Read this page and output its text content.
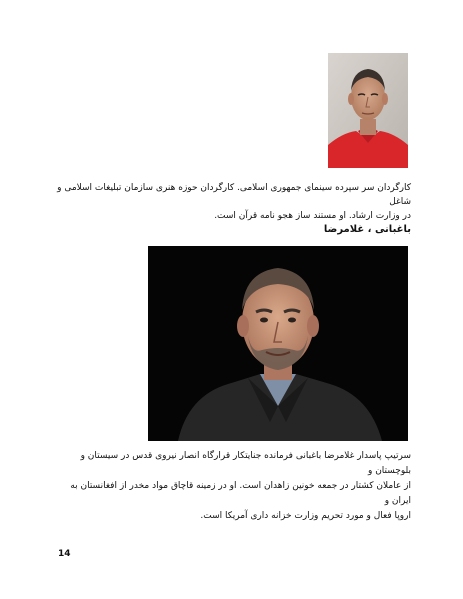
کارگردان سر سپرده سینمای جمهوری اسلامی. کارگردان حوزه هنری سازمان تبلیغات اسلامی و شاغل
در وزارت ارشاد. او مستند ساز هجو نامه قرآن است.

باغبانی ، غلامرضا

سرتیپ پاسدار غلامرضا باغبانی فرمانده جنایتکار قرارگاه انصار نیروی قدس در سیستان و بلوچستان و
از عاملان کشتار در جمعه خونین زاهدان است. او در زمینه قاچاق مواد مخدر از افغانستان به ایران و
اروپا فعال و مورد تحریم وزارت خزانه داری آمریکا است.

14
